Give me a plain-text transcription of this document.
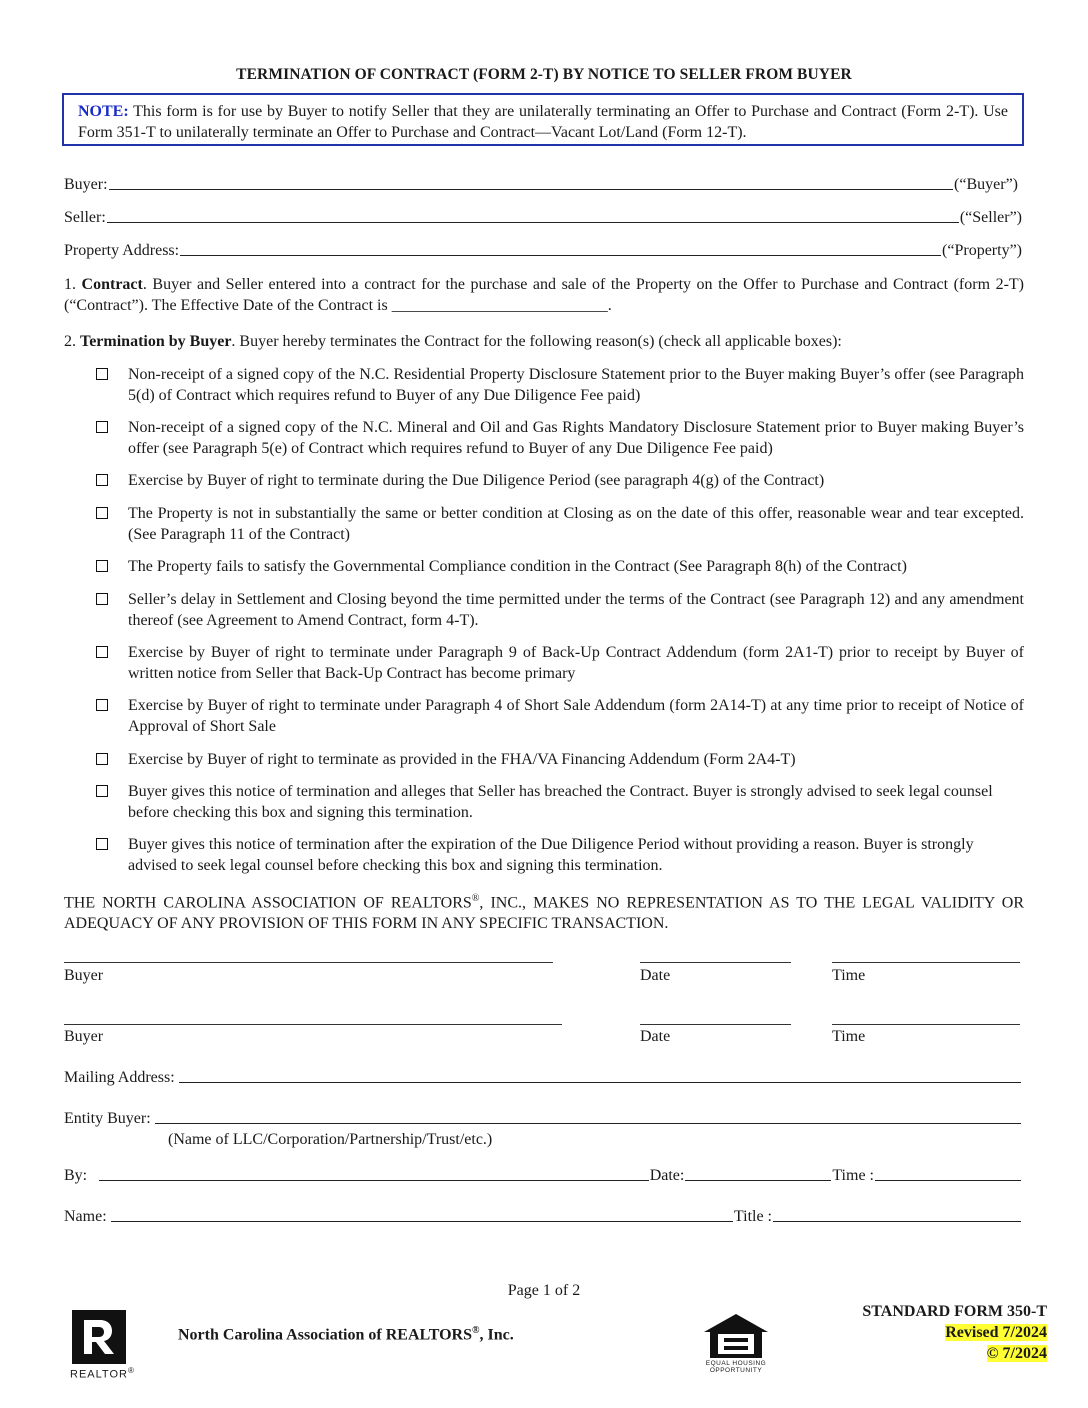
TERMINATION OF CONTRACT (FORM 2-T) BY NOTICE TO SELLER FROM BUYER
NOTE: This form is for use by Buyer to notify Seller that they are unilaterally terminating an Offer to Purchase and Contract (Form 2-T). Use Form 351-T to unilaterally terminate an Offer to Purchase and Contract—Vacant Lot/Land (Form 12-T).
Buyer:	(“Buyer”)
Seller:	(“Seller”)
Property Address:	(“Property”)
1. Contract. Buyer and Seller entered into a contract for the purchase and sale of the Property on the Offer to Purchase and Contract (form 2-T) (“Contract”). The Effective Date of the Contract is ___________________________.
2. Termination by Buyer. Buyer hereby terminates the Contract for the following reason(s) (check all applicable boxes):
Non-receipt of a signed copy of the N.C. Residential Property Disclosure Statement prior to the Buyer making Buyer’s offer (see Paragraph 5(d) of Contract which requires refund to Buyer of any Due Diligence Fee paid)
Non-receipt of a signed copy of the N.C. Mineral and Oil and Gas Rights Mandatory Disclosure Statement prior to Buyer making Buyer’s offer (see Paragraph 5(e) of Contract which requires refund to Buyer of any Due Diligence Fee paid)
Exercise by Buyer of right to terminate during the Due Diligence Period (see paragraph 4(g) of the Contract)
The Property is not in substantially the same or better condition at Closing as on the date of this offer, reasonable wear and tear excepted. (See Paragraph 11 of the Contract)
The Property fails to satisfy the Governmental Compliance condition in the Contract (See Paragraph 8(h) of the Contract)
Seller’s delay in Settlement and Closing beyond the time permitted under the terms of the Contract (see Paragraph 12) and any amendment thereof (see Agreement to Amend Contract, form 4-T).
Exercise by Buyer of right to terminate under Paragraph 9 of Back-Up Contract Addendum (form 2A1-T) prior to receipt by Buyer of written notice from Seller that Back-Up Contract has become primary
Exercise by Buyer of right to terminate under Paragraph 4 of Short Sale Addendum (form 2A14-T) at any time prior to receipt of Notice of Approval of Short Sale
Exercise by Buyer of right to terminate as provided in the FHA/VA Financing Addendum (Form 2A4-T)
Buyer gives this notice of termination and alleges that Seller has breached the Contract. Buyer is strongly advised to seek legal counsel before checking this box and signing this termination.
Buyer gives this notice of termination after the expiration of the Due Diligence Period without providing a reason. Buyer is strongly advised to seek legal counsel before checking this box and signing this termination.
THE NORTH CAROLINA ASSOCIATION OF REALTORS®, INC., MAKES NO REPRESENTATION AS TO THE LEGAL VALIDITY OR ADEQUACY OF ANY PROVISION OF THIS FORM IN ANY SPECIFIC TRANSACTION.
Buyer	Date	Time
Buyer	Date	Time
Mailing Address:
Entity Buyer:
(Name of LLC/Corporation/Partnership/Trust/etc.)
By:	Date:	Time :
Name:	Title :
Page 1 of 2
REALTOR®
North Carolina Association of REALTORS®, Inc.
EQUAL HOUSING
OPPORTUNITY
STANDARD FORM 350-T
Revised 7/2024
© 7/2024
